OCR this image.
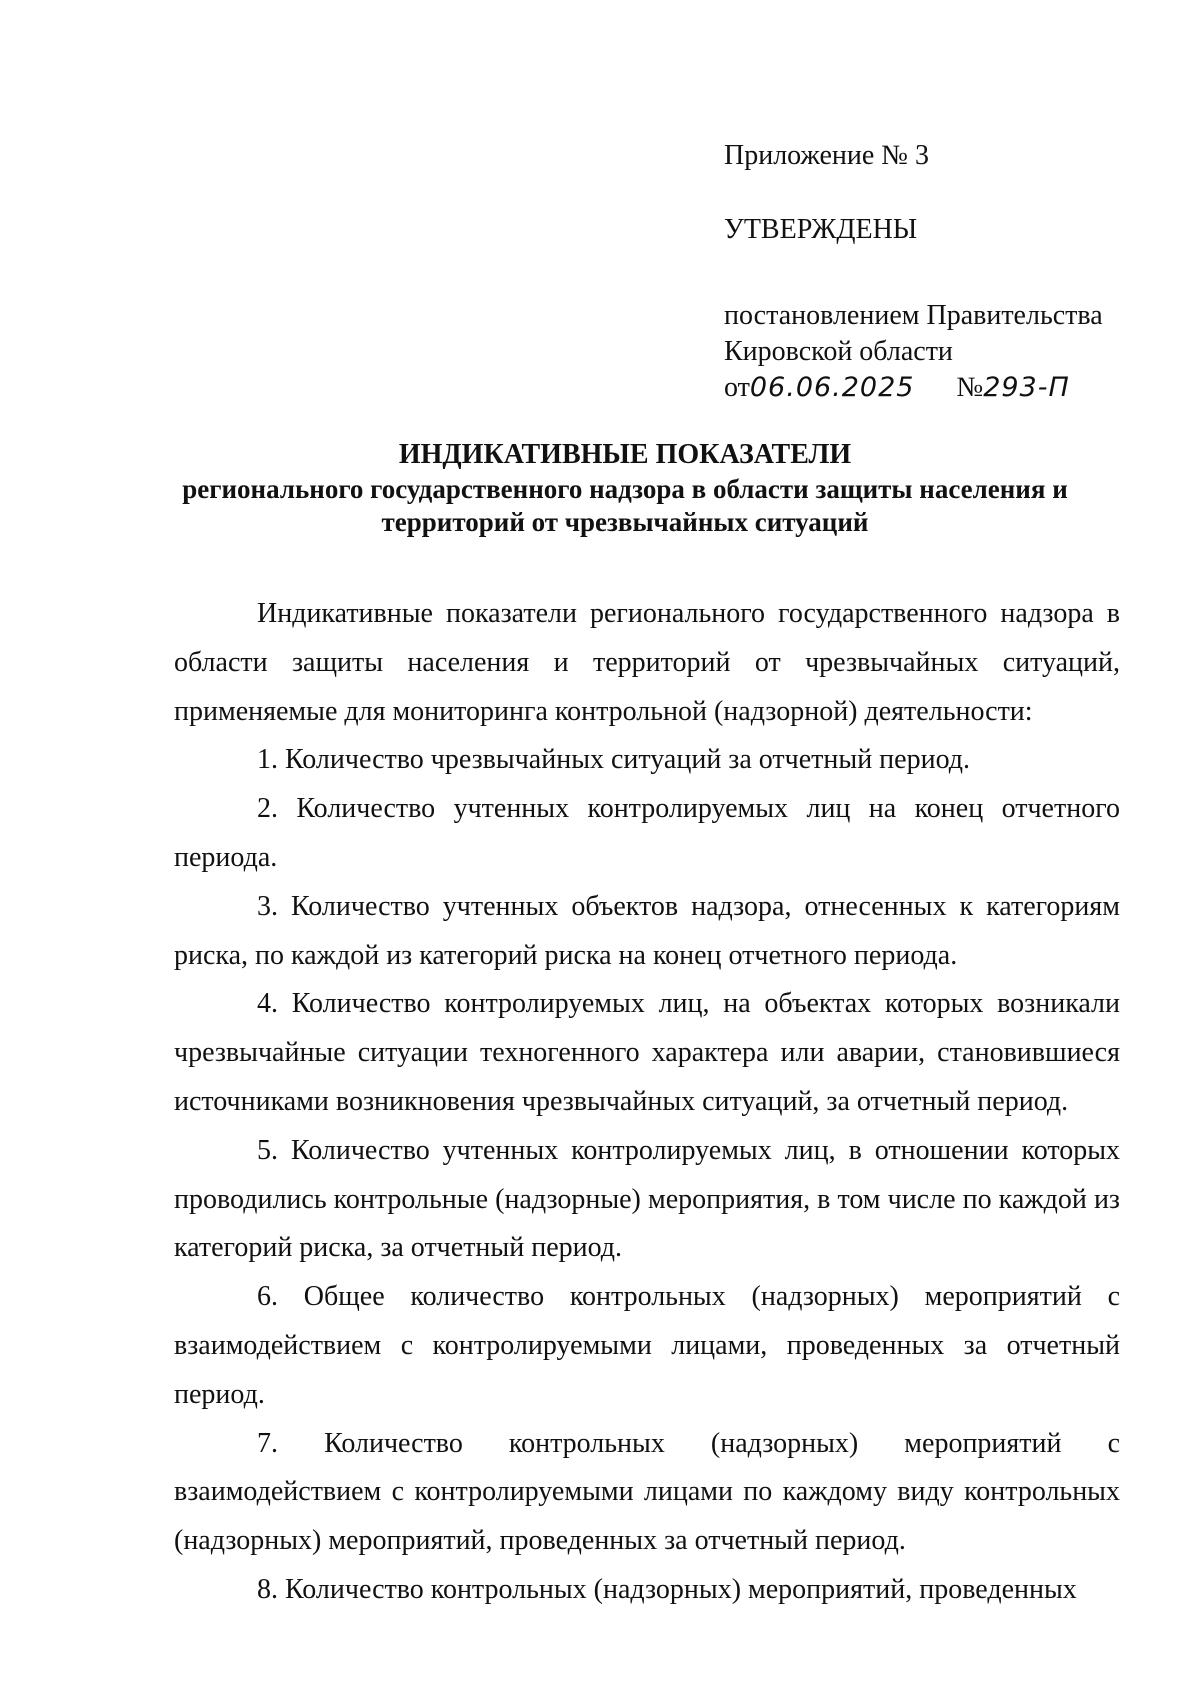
Приложение № 3

УТВЕРЖДЕНЫ

постановлением Правительства

Кировской области

от06.06.2025 №293-П

ИНДИКАТИВНЫЕ ПОКАЗАТЕЛИ

регионального государственного надзора в области защиты населения и

территорий от чрезвычайных ситуаций

Индикативные показатели регионального государственного надзора в области защиты населения и территорий от чрезвычайных ситуаций, применяемые для мониторинга контрольной (надзорной) деятельности:

1. Количество чрезвычайных ситуаций за отчетный период.

2. Количество учтенных контролируемых лиц на конец отчетного периода.

3. Количество учтенных объектов надзора, отнесенных к категориям риска, по каждой из категорий риска на конец отчетного периода.

4. Количество контролируемых лиц, на объектах которых возникали чрезвычайные ситуации техногенного характера или аварии, становившиеся источниками возникновения чрезвычайных ситуаций, за отчетный период.

5. Количество учтенных контролируемых лиц, в отношении которых проводились контрольные (надзорные) мероприятия, в том числе по каждой из категорий риска, за отчетный период.

6. Общее количество контрольных (надзорных) мероприятий с взаимодействием с контролируемыми лицами, проведенных за отчетный период.

7. Количество контрольных (надзорных) мероприятий с взаимодействием с контролируемыми лицами по каждому виду контрольных (надзорных) мероприятий, проведенных за отчетный период.

8. Количество контрольных (надзорных) мероприятий, проведенных
